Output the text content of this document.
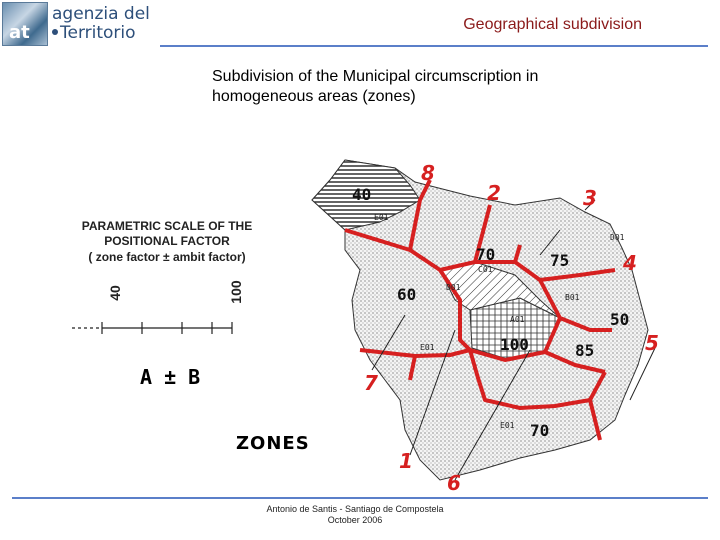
at
agenzia del
Territorio	Geographical subdivision
Subdivision of the Municipal circumscription in
homogeneous areas (zones)
E01
D01
C01
A01
B01
E01
D01
E01
40
70	75
60
50
100	85
70
8
2	3
4
5
7
1
6
PARAMETRIC SCALE OF THE
POSITIONAL FACTOR
( zone factor ± ambit factor)
40	100
A ± B
ZONES
Antonio de Santis - Santiago de Compostela
October 2006
